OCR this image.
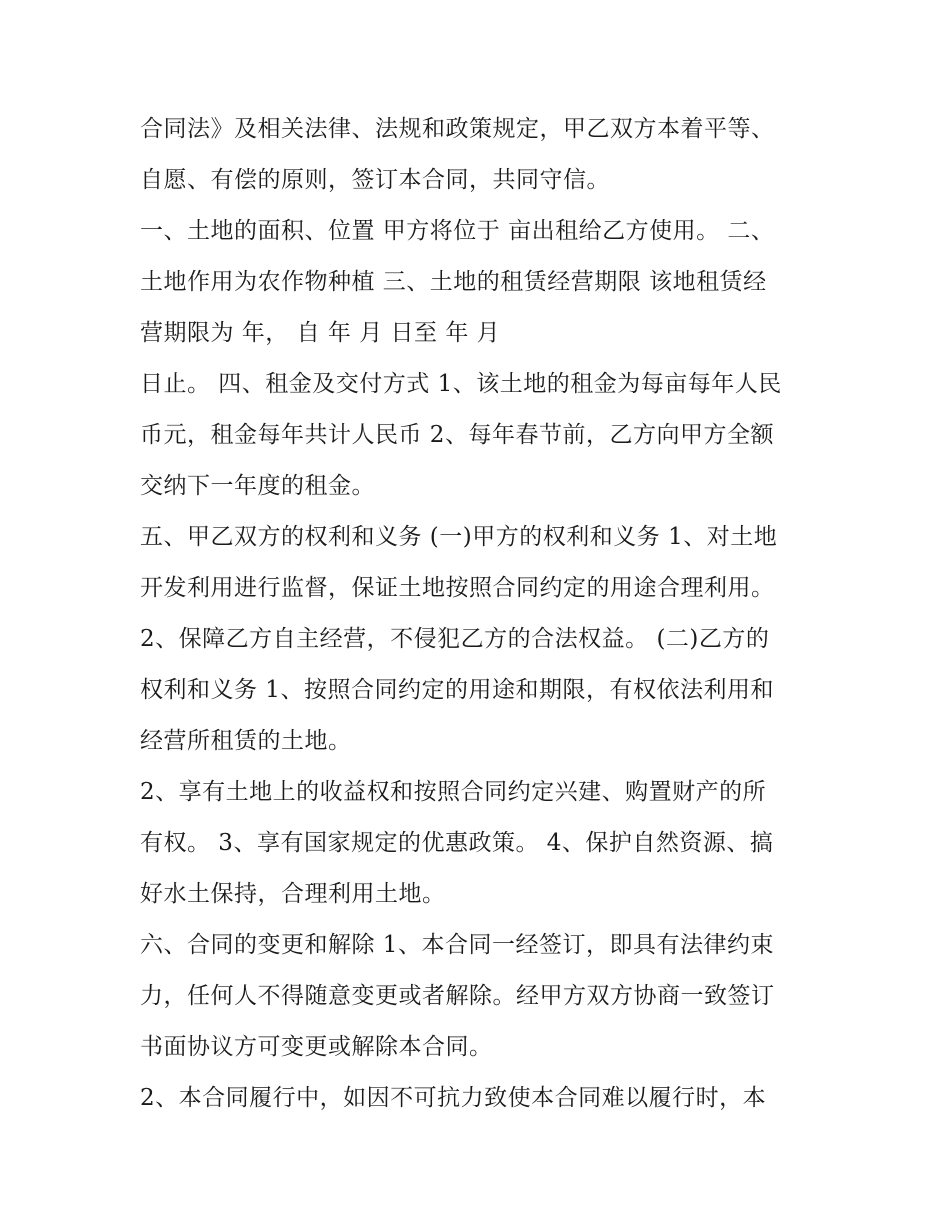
合同法》及相关法律、法规和政策规定，甲乙双方本着平等、
自愿、有偿的原则，签订本合同，共同守信。
一、土地的面积、位置 甲方将位于 亩出租给乙方使用。 二、
土地作用为农作物种植 三、土地的租赁经营期限 该地租赁经
营期限为 年， 自 年 月 日至 年 月
日止。 四、租金及交付方式 1、该土地的租金为每亩每年人民
币元，租金每年共计人民币 2、每年春节前，乙方向甲方全额
交纳下一年度的租金。
五、甲乙双方的权利和义务 (一)甲方的权利和义务 1、对土地
开发利用进行监督，保证土地按照合同约定的用途合理利用。
2、保障乙方自主经营，不侵犯乙方的合法权益。 (二)乙方的
权利和义务 1、按照合同约定的用途和期限，有权依法利用和
经营所租赁的土地。
2、享有土地上的收益权和按照合同约定兴建、购置财产的所
有权。 3、享有国家规定的优惠政策。 4、保护自然资源、搞
好水土保持，合理利用土地。
六、合同的变更和解除 1、本合同一经签订，即具有法律约束
力，任何人不得随意变更或者解除。经甲方双方协商一致签订
书面协议方可变更或解除本合同。
2、本合同履行中，如因不可抗力致使本合同难以履行时，本
